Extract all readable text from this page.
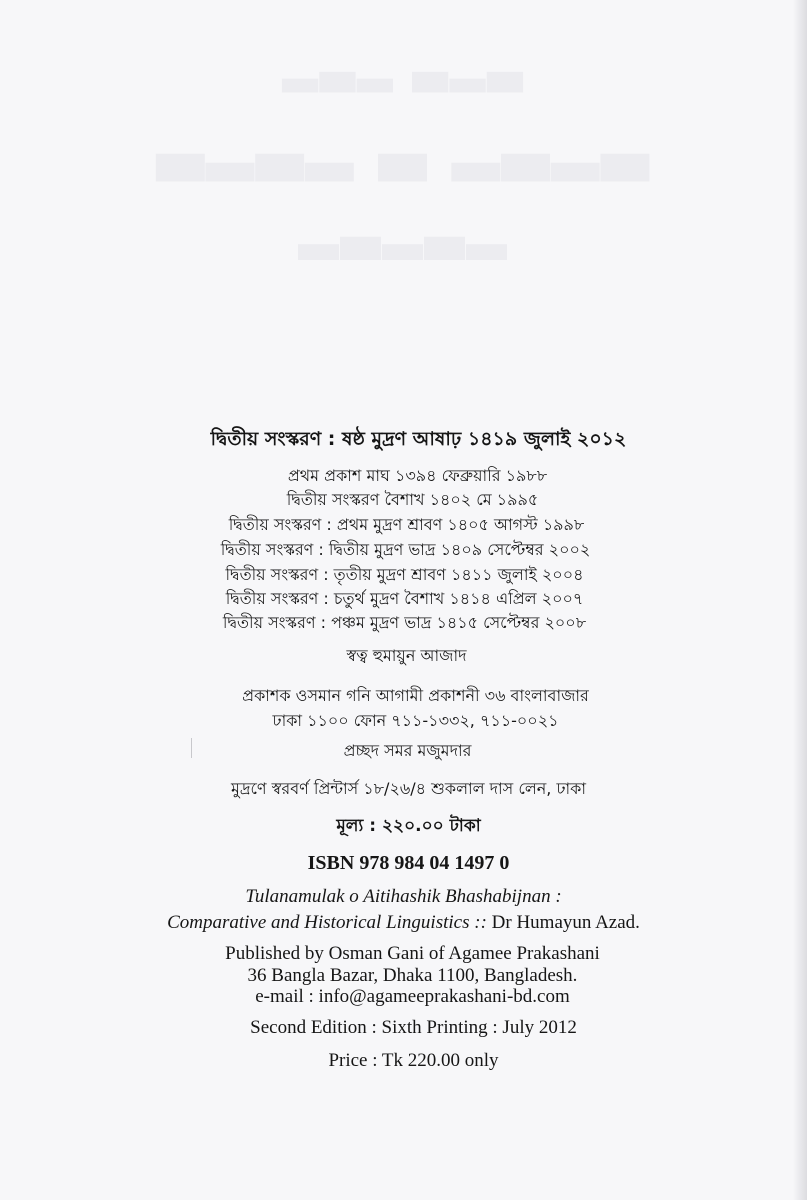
▂▃▂ ▃▂▃
▃▂▃▂ ▃ ▂▃▂▃
▂▃▂▃▂
দ্বিতীয় সংস্করণ : ষষ্ঠ মুদ্রণ আষাঢ় ১৪১৯ জুলাই ২০১২
প্রথম প্রকাশ মাঘ ১৩৯৪ ফেব্রুয়ারি ১৯৮৮
দ্বিতীয় সংস্করণ বৈশাখ ১৪০২ মে ১৯৯৫
দ্বিতীয় সংস্করণ : প্রথম মুদ্রণ শ্রাবণ ১৪০৫ আগস্ট ১৯৯৮
দ্বিতীয় সংস্করণ : দ্বিতীয় মুদ্রণ ভাদ্র ১৪০৯ সেপ্টেম্বর ২০০২
দ্বিতীয় সংস্করণ : তৃতীয় মুদ্রণ শ্রাবণ ১৪১১ জুলাই ২০০৪
দ্বিতীয় সংস্করণ : চতুর্থ মুদ্রণ বৈশাখ ১৪১৪ এপ্রিল ২০০৭
দ্বিতীয় সংস্করণ : পঞ্চম মুদ্রণ ভাদ্র ১৪১৫ সেপ্টেম্বর ২০০৮
স্বত্ব হুমায়ুন আজাদ
প্রকাশক ওসমান গনি আগামী প্রকাশনী ৩৬ বাংলাবাজার
ঢাকা ১১০০ ফোন ৭১১-১৩৩২, ৭১১-০০২১
প্রচ্ছদ সমর মজুমদার
মুদ্রণে স্বরবর্ণ প্রিন্টার্স ১৮/২৬/৪ শুকলাল দাস লেন, ঢাকা
মূল্য : ২২০.০০ টাকা
ISBN 978 984 04 1497 0
Tulanamulak o Aitihashik Bhashabijnan :
Comparative and Historical Linguistics :: Dr Humayun Azad.
Published by Osman Gani of Agamee Prakashani
36 Bangla Bazar, Dhaka 1100, Bangladesh.
e-mail : info@agameeprakashani-bd.com
Second Edition : Sixth Printing : July 2012
Price : Tk 220.00 only
